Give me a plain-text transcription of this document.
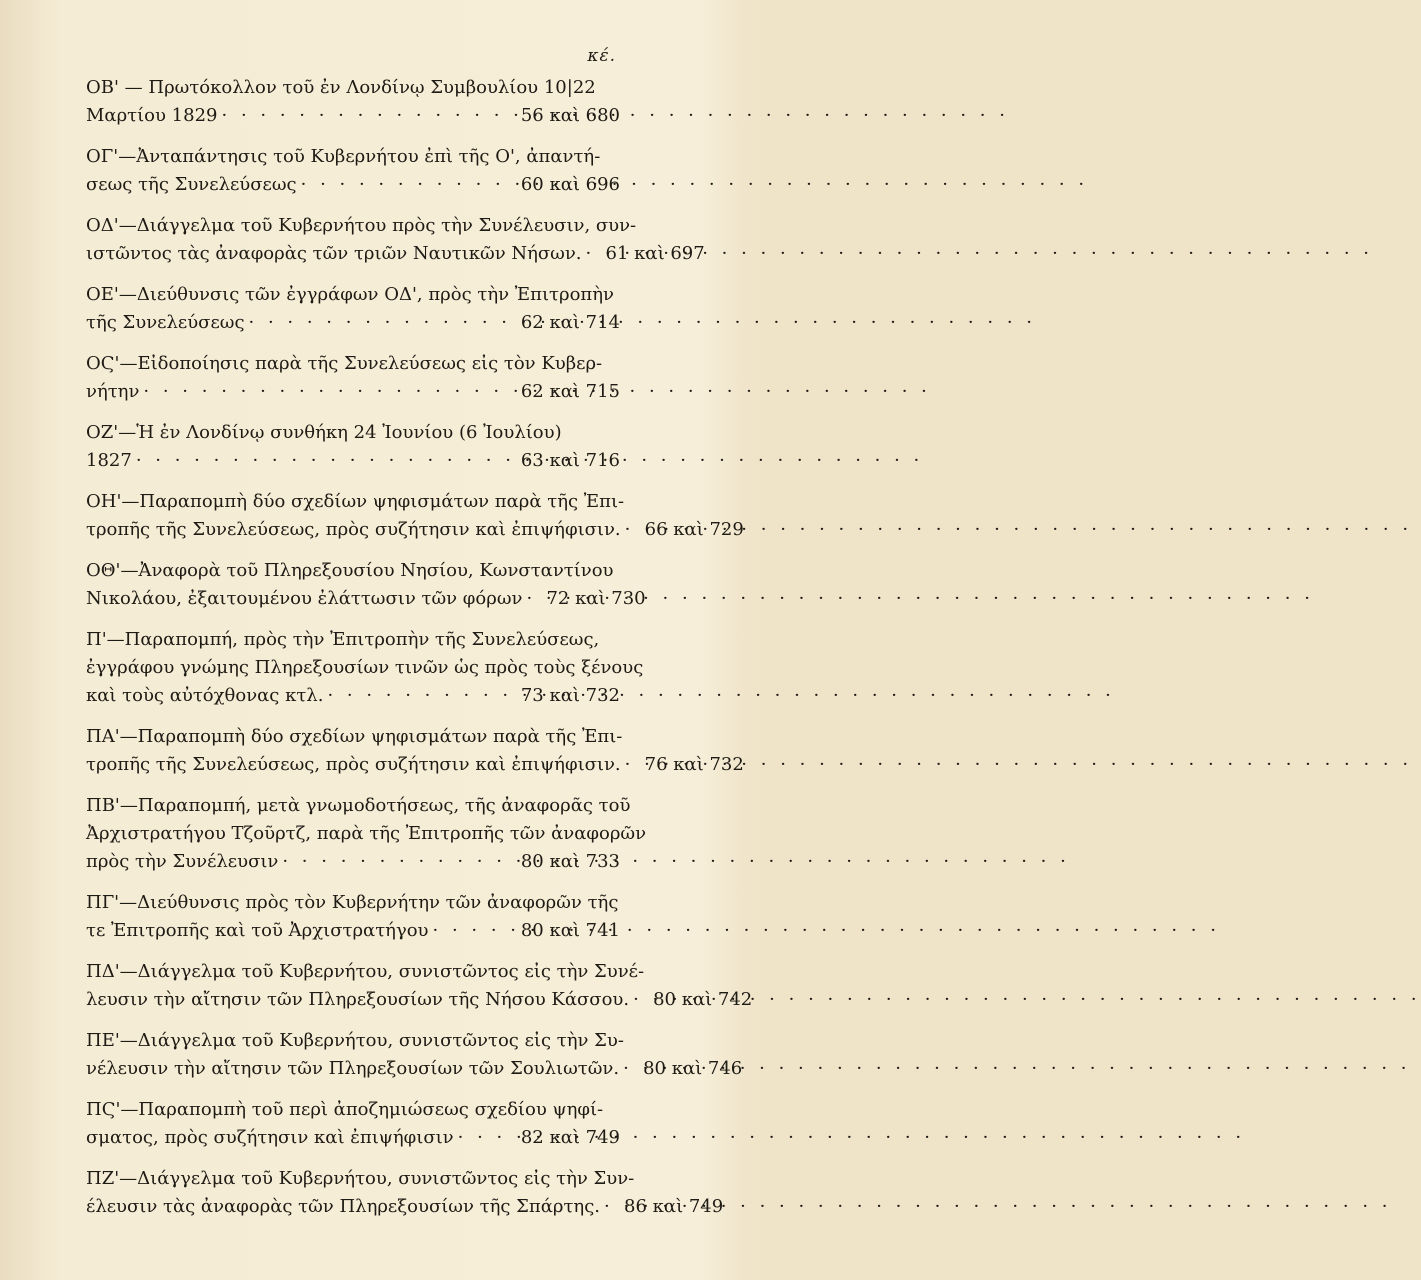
κέ.
ΟΒ' — Πρωτόκολλον τοῦ ἐν Λονδίνῳ Συμβουλίου 10|22
Μαρτίου 1829 · · ·	56 καὶ 680
ΟΓ'—Ἀνταπάντησις τοῦ Κυβερνήτου ἐπὶ τῆς Ο', ἀπαντή-
σεως τῆς Συνελεύσεως · · ·	60 καὶ 696
ΟΔ'—Διάγγελμα τοῦ Κυβερνήτου πρὸς τὴν Συνέλευσιν, συν-
ιστῶντος τὰς ἀναφορὰς τῶν τριῶν Ναυτικῶν Νήσων. · · ·	61 καὶ 697
ΟΕ'—Διεύθυνσις τῶν ἐγγράφων ΟΔ', πρὸς τὴν Ἐπιτροπὴν
τῆς Συνελεύσεως · · ·	62 καὶ 714
ΟϚ'—Εἰδοποίησις παρὰ τῆς Συνελεύσεως εἰς τὸν Κυβερ-
νήτην · · ·	62 καὶ 715
ΟΖ'—Ἡ ἐν Λονδίνῳ συνθήκη 24 Ἰουνίου (6 Ἰουλίου)
1827 · · ·	63 καὶ 716
ΟΗ'—Παραπομπὴ δύο σχεδίων ψηφισμάτων παρὰ τῆς Ἐπι-
τροπῆς τῆς Συνελεύσεως, πρὸς συζήτησιν καὶ ἐπιψήφισιν. · · ·	66 καὶ 729
ΟΘ'—Ἀναφορὰ τοῦ Πληρεξουσίου Νησίου, Κωνσταντίνου
Νικολάου, ἐξαιτουμένου ἐλάττωσιν τῶν φόρων · · ·	72 καὶ 730
Π'—Παραπομπή, πρὸς τὴν Ἐπιτροπὴν τῆς Συνελεύσεως,
ἐγγράφου γνώμης Πληρεξουσίων τινῶν ὡς πρὸς τοὺς ξένους
καὶ τοὺς αὐτόχθονας κτλ. · · ·	73 καὶ 732
ΠΑ'—Παραπομπὴ δύο σχεδίων ψηφισμάτων παρὰ τῆς Ἐπι-
τροπῆς τῆς Συνελεύσεως, πρὸς συζήτησιν καὶ ἐπιψήφισιν. · · ·	76 καὶ 732
ΠΒ'—Παραπομπή, μετὰ γνωμοδοτήσεως, τῆς ἀναφορᾶς τοῦ
Ἀρχιστρατήγου Τζοῦρτζ, παρὰ τῆς Ἐπιτροπῆς τῶν ἀναφορῶν
πρὸς τὴν Συνέλευσιν · · ·	80 καὶ 733
ΠΓ'—Διεύθυνσις πρὸς τὸν Κυβερνήτην τῶν ἀναφορῶν τῆς
τε Ἐπιτροπῆς καὶ τοῦ Ἀρχιστρατήγου · · ·	80 καὶ 741
ΠΔ'—Διάγγελμα τοῦ Κυβερνήτου, συνιστῶντος εἰς τὴν Συνέ-
λευσιν τὴν αἴτησιν τῶν Πληρεξουσίων τῆς Νήσου Κάσσου. · · ·	80 καὶ 742
ΠΕ'—Διάγγελμα τοῦ Κυβερνήτου, συνιστῶντος εἰς τὴν Συ-
νέλευσιν τὴν αἴτησιν τῶν Πληρεξουσίων τῶν Σουλιωτῶν. · · ·	80 καὶ 746
ΠϚ'—Παραπομπὴ τοῦ περὶ ἀποζημιώσεως σχεδίου ψηφί-
σματος, πρὸς συζήτησιν καὶ ἐπιψήφισιν · · ·	82 καὶ 749
ΠΖ'—Διάγγελμα τοῦ Κυβερνήτου, συνιστῶντος εἰς τὴν Συν-
έλευσιν τὰς ἀναφορὰς τῶν Πληρεξουσίων τῆς Σπάρτης. · · ·	86 καὶ 749
